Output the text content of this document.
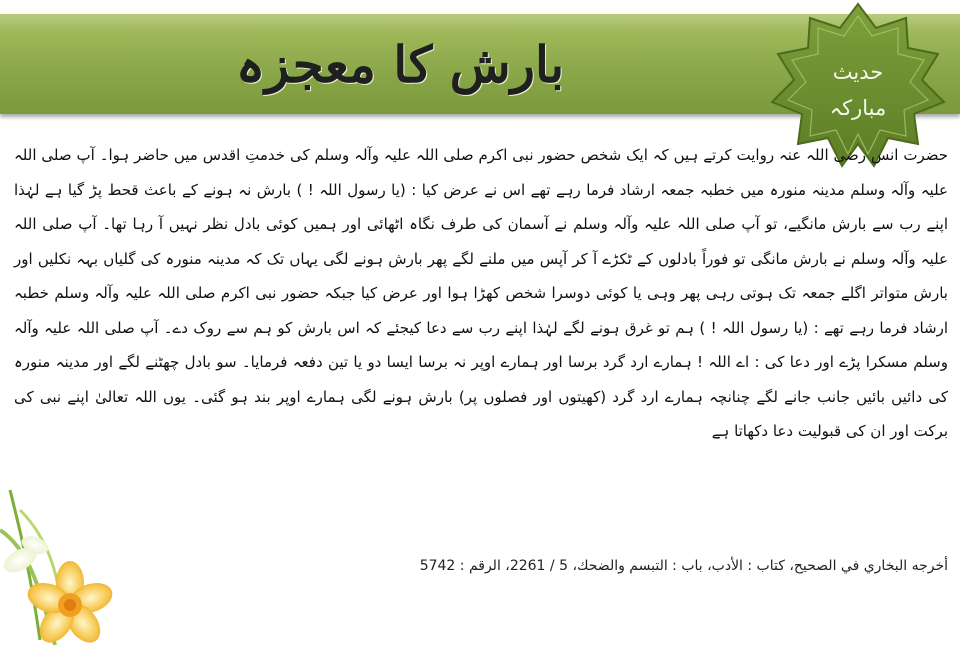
بارش کا معجزہ	حدیث
مبارکہ
حضرت انس رضی اللہ عنہ روایت کرتے ہیں کہ ایک شخص حضور نبی اکرم صلی اللہ علیہ وآلہ وسلم کی خدمتِ اقدس میں حاضر ہوا۔ آپ صلی اللہ علیہ وآلہ وسلم مدینہ منورہ میں خطبہ جمعہ ارشاد فرما رہے تھے اس نے عرض کیا : (یا رسول اللہ ! ) بارش نہ ہونے کے باعث قحط پڑ گیا ہے لہٰذا اپنے رب سے بارش مانگیے، تو آپ صلی اللہ علیہ وآلہ وسلم نے آسمان کی طرف نگاہ اٹھائی اور ہمیں کوئی بادل نظر نہیں آ رہا تھا۔ آپ صلی اللہ علیہ وآلہ وسلم نے بارش مانگی تو فوراً بادلوں کے ٹکڑے آ کر آپس میں ملنے لگے پھر بارش ہونے لگی یہاں تک کہ مدینہ منورہ کی گلیاں بہہ نکلیں اور بارش متواتر اگلے جمعہ تک ہوتی رہی پھر وہی یا کوئی دوسرا شخص کھڑا ہوا اور عرض کیا جبکہ حضور نبی اکرم صلی اللہ علیہ وآلہ وسلم خطبہ ارشاد فرما رہے تھے : (یا رسول اللہ ! ) ہم تو غرق ہونے لگے لہٰذا اپنے رب سے دعا کیجئے کہ اس بارش کو ہم سے روک دے۔ آپ صلی اللہ علیہ وآلہ وسلم مسکرا پڑے اور دعا کی : اے اللہ ! ہمارے ارد گرد برسا اور ہمارے اوپر نہ برسا ایسا دو یا تین دفعہ فرمایا۔ سو بادل چھٹنے لگے اور مدینہ منورہ کی دائیں بائیں جانب جانے لگے چنانچہ ہمارے ارد گرد (کھیتوں اور فصلوں پر) بارش ہونے لگی ہمارے اوپر بند ہو گئی۔ یوں اللہ تعالیٰ اپنے نبی کی برکت اور ان کی قبولیت دعا دکھاتا ہے
أخرجه البخاري في الصحيح، كتاب : الأدب، باب : التبسم والضحك، 5 / 2261، الرقم : 5742
